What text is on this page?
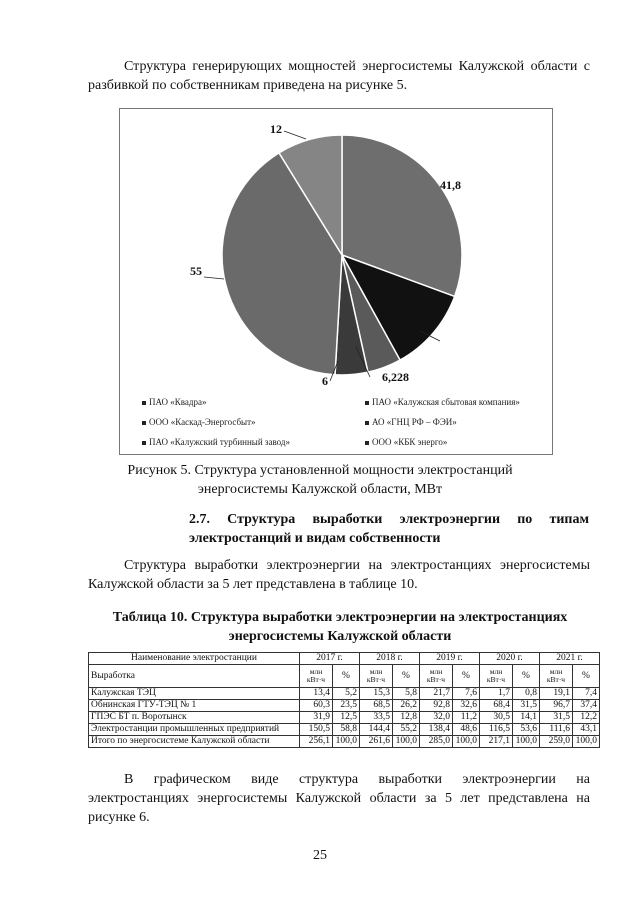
Структура генерирующих мощностей энергосистемы Калужской области с разбивкой по собственникам приведена на рисунке 5.
41,8
6,228
6
55
12
ПАО «Квадра»	ПАО «Калужская сбытовая компания»
ООО «Каскад-Энергосбыт»	АО «ГНЦ РФ – ФЭИ»
ПАО «Калужский турбинный завод»	ООО «КБК энерго»
Рисунок 5. Структура установленной мощности электростанций энергосистемы Калужской области, МВт
2.7. Структура выработки электроэнергии по типам электростанций и видам собственности
Структура выработки электроэнергии на электростанциях энергосистемы Калужской области за 5 лет представлена в таблице 10.
Таблица 10. Структура выработки электроэнергии на электростанциях энергосистемы Калужской области
Наименование электростанции	2017 г.		2018 г.		2019 г.		2020 г.		2021 г.	
Выработка	млн кВт·ч	%	млн кВт·ч	%	млн кВт·ч	%	млн кВт·ч	%	млн кВт·ч	%
Калужская ТЭЦ	13,4	5,2	15,3	5,8	21,7	7,6	1,7	0,8	19,1	7,4
Обнинская ГТУ-ТЭЦ № 1	60,3	23,5	68,5	26,2	92,8	32,6	68,4	31,5	96,7	37,4
ГПЭС БТ п. Воротынск	31,9	12,5	33,5	12,8	32,0	11,2	30,5	14,1	31,5	12,2
Электростанции промышленных предприятий	150,5	58,8	144,4	55,2	138,4	48,6	116,5	53,6	111,6	43,1
Итого по энергосистеме Калужской области	256,1	100,0	261,6	100,0	285,0	100,0	217,1	100,0	259,0	100,0
В графическом виде структура выработки электроэнергии на электростанциях энергосистемы Калужской области за 5 лет представлена на рисунке 6.
25
